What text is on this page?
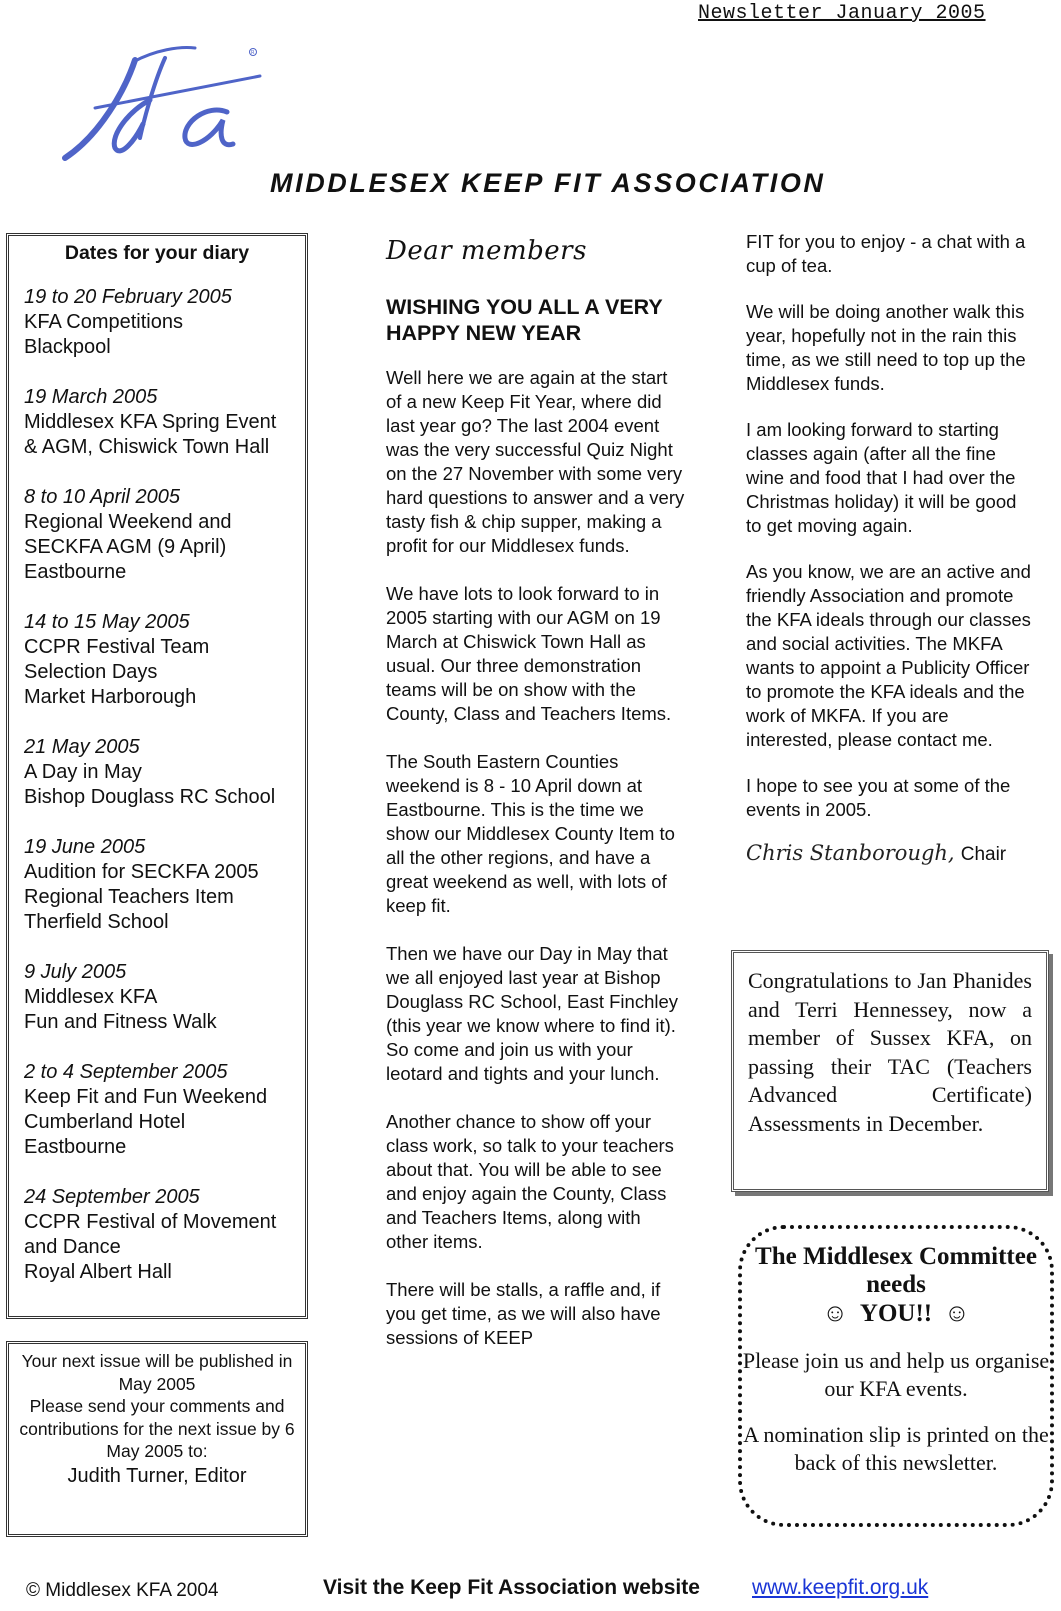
Newsletter January 2005
R
MIDDLESEX KEEP FIT ASSOCIATION
Dates for your diary
19 to 20 February 2005
KFA Competitions
Blackpool
19 March 2005
Middlesex KFA Spring Event
& AGM, Chiswick Town Hall
8 to 10 April 2005
Regional Weekend and
SECKFA AGM (9 April)
Eastbourne
14 to 15 May 2005
CCPR Festival Team
Selection Days
Market Harborough
21 May 2005
A Day in May
Bishop Douglass RC School
19 June 2005
Audition for SECKFA 2005
Regional Teachers Item
Therfield School
9 July 2005
Middlesex KFA
Fun and Fitness Walk
2 to 4 September 2005
Keep Fit and Fun Weekend
Cumberland Hotel
Eastbourne
24 September 2005
CCPR Festival of Movement
and Dance
Royal Albert Hall
Your next issue will be published in May 2005
Please send your comments and contributions for the next issue by 6 May 2005 to:
Judith Turner, Editor
Dear members
WISHING YOU ALL A VERY HAPPY NEW YEAR

Well here we are again at the start of a new Keep Fit Year, where did last year go? The last 2004 event was the very successful Quiz Night on the 27 November with some very hard questions to answer and a very tasty fish & chip supper, making a profit for our Middlesex funds.

We have lots to look forward to in 2005 starting with our AGM on 19 March at Chiswick Town Hall as usual. Our three demonstration teams will be on show with the County, Class and Teachers Items.

The South Eastern Counties weekend is 8 - 10 April down at Eastbourne. This is the time we show our Middlesex County Item to all the other regions, and have a great weekend as well, with lots of keep fit.

Then we have our Day in May that we all enjoyed last year at Bishop Douglass RC School, East Finchley (this year we know where to find it). So come and join us with your leotard and tights and your lunch.

Another chance to show off your class work, so talk to your teachers about that. You will be able to see and enjoy again the County, Class and Teachers Items, along with other items.

There will be stalls, a raffle and, if you get time, as we will also have sessions of KEEP

FIT for you to enjoy - a chat with a cup of tea.

We will be doing another walk this year, hopefully not in the rain this time, as we still need to top up the Middlesex funds.

I am looking forward to starting classes again (after all the fine wine and food that I had over the Christmas holiday) it will be good to get moving again.

As you know, we are an active and friendly Association and promote the KFA ideals through our classes and social activities. The MKFA wants to appoint a Publicity Officer to promote the KFA ideals and the work of MKFA. If you are interested, please contact me.

I hope to see you at some of the events in 2005.

Chris Stanborough, Chair
Congratulations to Jan Phanides and Terri Hennessey, now a member of Sussex KFA, on passing their TAC (Teachers Advanced Certificate) Assessments in December.
The Middlesex Committee needs
☺ YOU!! ☺

Please join us and help us organise our KFA events.

A nomination slip is printed on the back of this newsletter.

© Middlesex KFA 2004	Visit the Keep Fit Association website www.keepfit.org.uk
